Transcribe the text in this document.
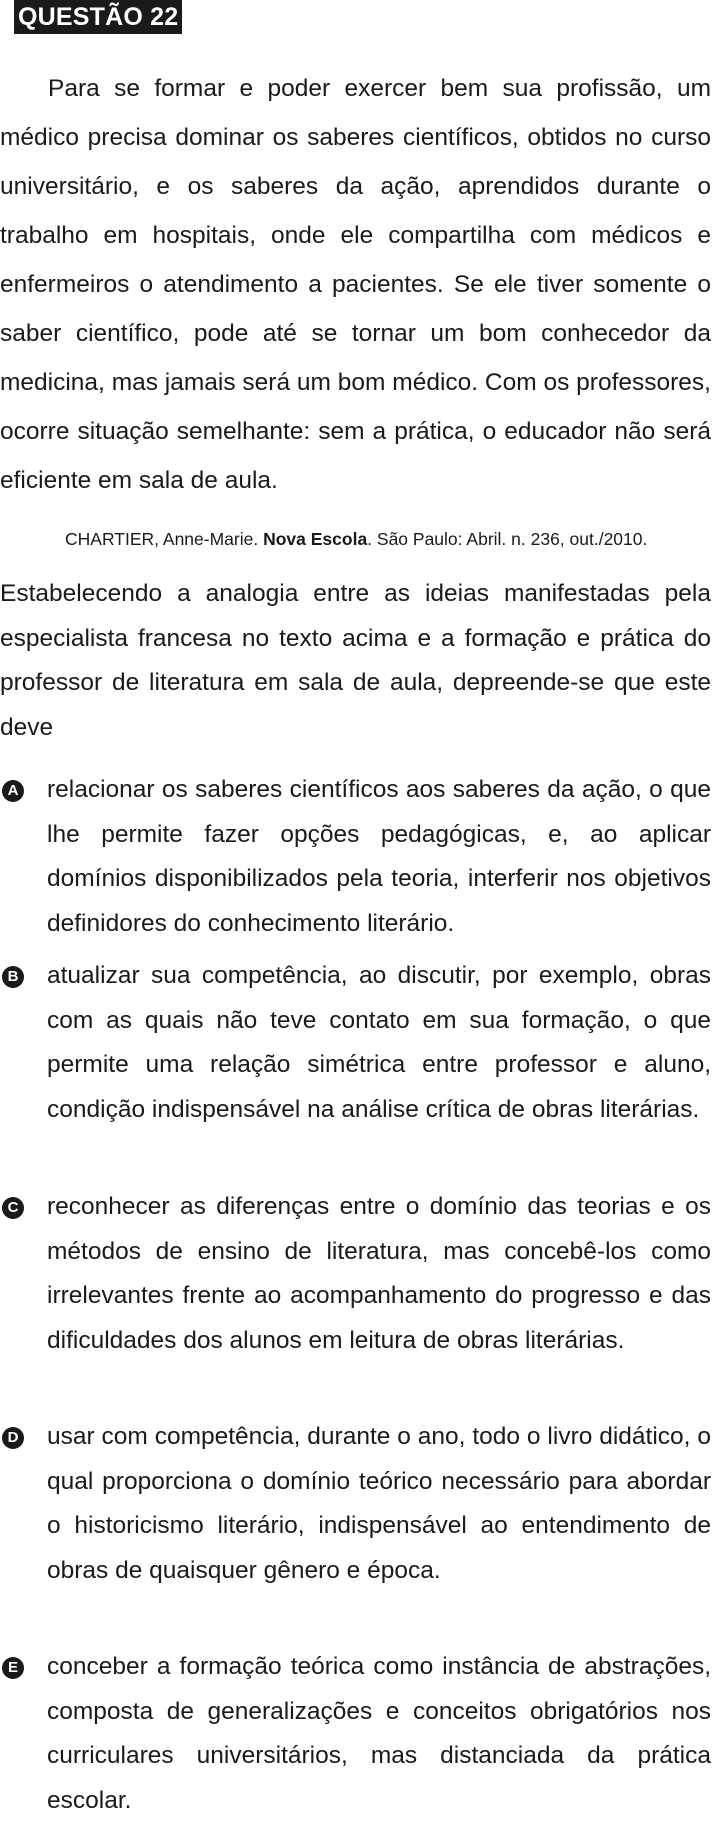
QUESTÃO 22

Para se formar e poder exercer bem sua profissão, um médico precisa dominar os saberes científicos, obtidos no curso universitário, e os saberes da ação, aprendidos durante o trabalho em hospitais, onde ele compartilha com médicos e enfermeiros o atendimento a pacientes. Se ele tiver somente o saber científico, pode até se tornar um bom conhecedor da medicina, mas jamais será um bom médico. Com os professores, ocorre situação semelhante: sem a prática, o educador não será eficiente em sala de aula.

CHARTIER, Anne-Marie. Nova Escola. São Paulo: Abril. n. 236, out./2010.

Estabelecendo a analogia entre as ideias manifestadas pela especialista francesa no texto acima e a formação e prática do professor de literatura em sala de aula, depreende-se que este deve

A relacionar os saberes científicos aos saberes da ação, o que lhe permite fazer opções pedagógicas, e, ao aplicar domínios disponibilizados pela teoria, interferir nos objetivos definidores do conhecimento literário.

B atualizar sua competência, ao discutir, por exemplo, obras com as quais não teve contato em sua formação, o que permite uma relação simétrica entre professor e aluno, condição indispensável na análise crítica de obras literárias.

C reconhecer as diferenças entre o domínio das teorias e os métodos de ensino de literatura, mas concebê-los como irrelevantes frente ao acompanhamento do progresso e das dificuldades dos alunos em leitura de obras literárias.

D usar com competência, durante o ano, todo o livro didático, o qual proporciona o domínio teórico necessário para abordar o historicismo literário, indispensável ao entendimento de obras de quaisquer gênero e época.

E conceber a formação teórica como instância de abstrações, composta de generalizações e conceitos obrigatórios nos curriculares universitários, mas distanciada da prática escolar.
